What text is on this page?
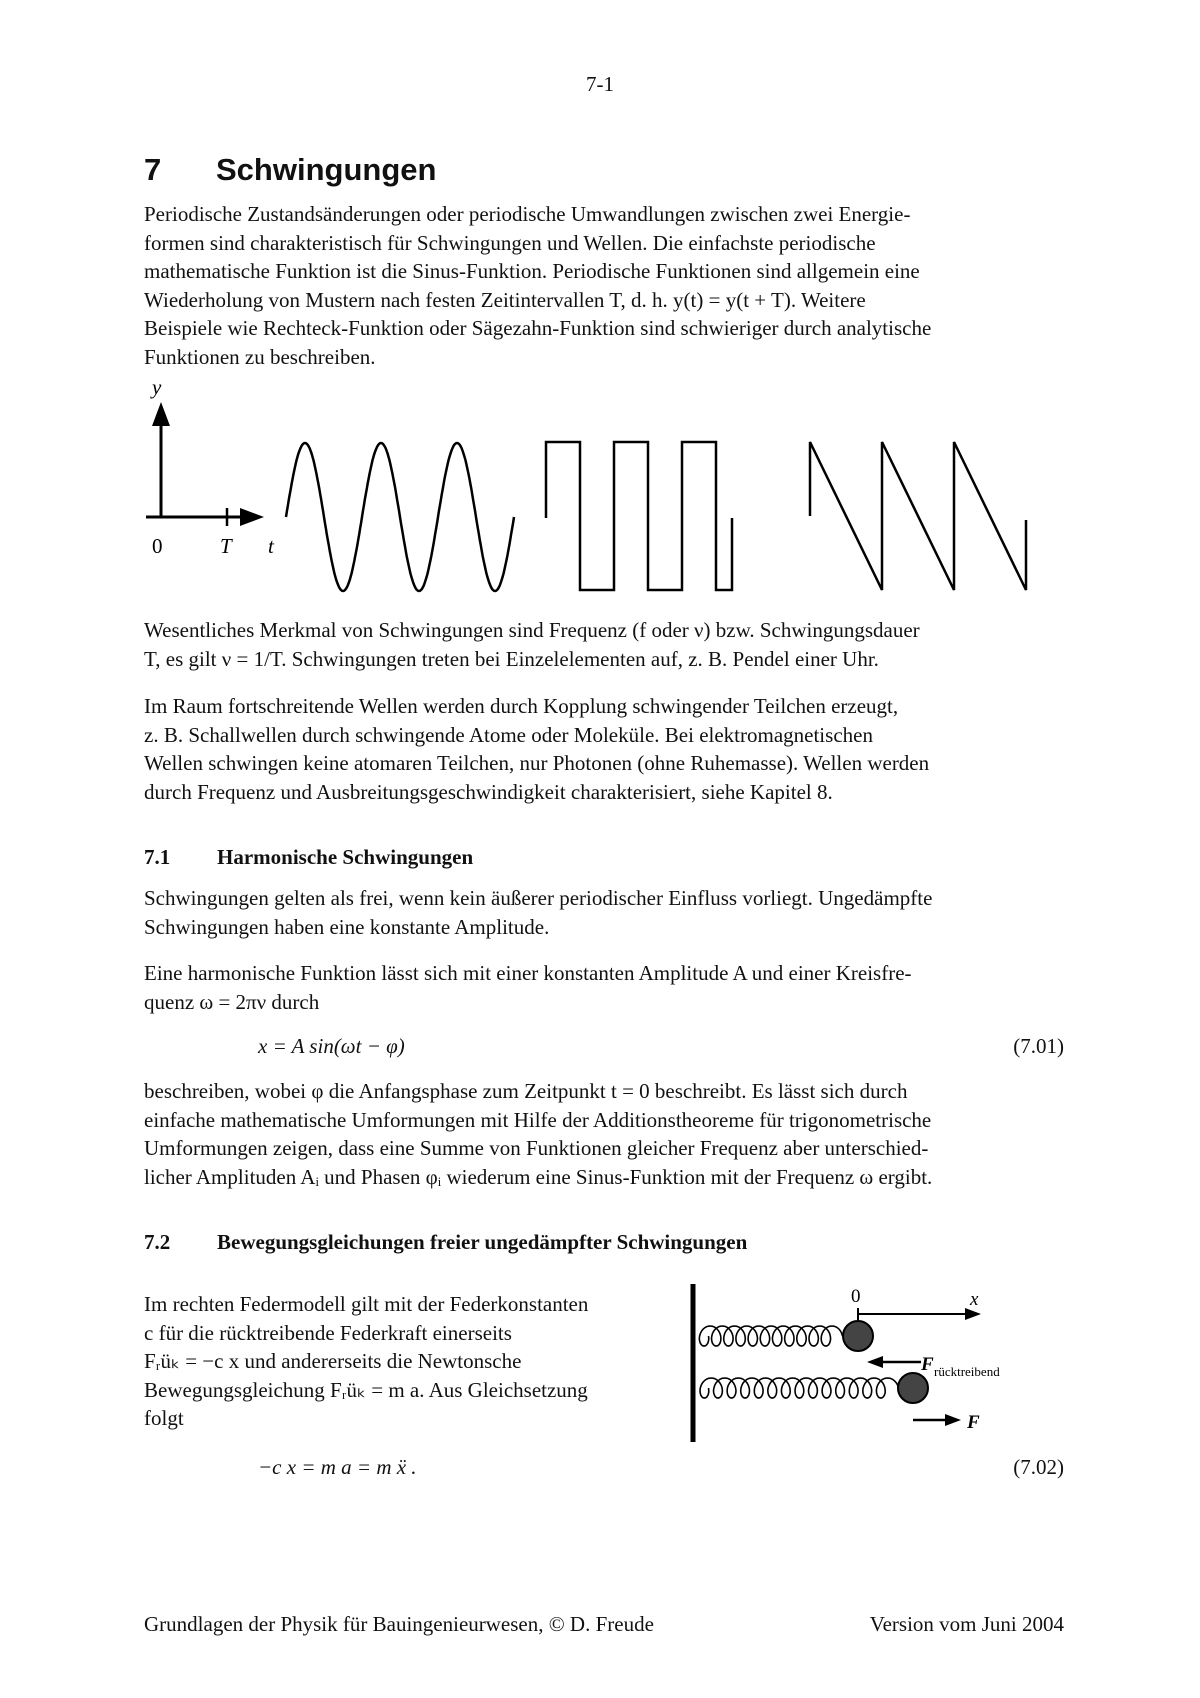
7-1
7 Schwingungen

Periodische Zustandsänderungen oder periodische Umwandlungen zwischen zwei Energie-

formen sind charakteristisch für Schwingungen und Wellen. Die einfachste periodische

mathematische Funktion ist die Sinus-Funktion. Periodische Funktionen sind allgemein eine

Wiederholung von Mustern nach festen Zeitintervallen T, d. h. y(t) = y(t + T). Weitere

Beispiele wie Rechteck-Funktion oder Sägezahn-Funktion sind schwieriger durch analytische

Funktionen zu beschreiben.

y
0	T t

Wesentliches Merkmal von Schwingungen sind Frequenz (f oder ν) bzw. Schwingungsdauer

T, es gilt ν = 1/T. Schwingungen treten bei Einzelelementen auf, z. B. Pendel einer Uhr.

Im Raum fortschreitende Wellen werden durch Kopplung schwingender Teilchen erzeugt,

z. B. Schallwellen durch schwingende Atome oder Moleküle. Bei elektromagnetischen

Wellen schwingen keine atomaren Teilchen, nur Photonen (ohne Ruhemasse). Wellen werden

durch Frequenz und Ausbreitungsgeschwindigkeit charakterisiert, siehe Kapitel 8.

7.1 Harmonische Schwingungen

Schwingungen gelten als frei, wenn kein äußerer periodischer Einfluss vorliegt. Ungedämpfte

Schwingungen haben eine konstante Amplitude.

Eine harmonische Funktion lässt sich mit einer konstanten Amplitude A und einer Kreisfre-

quenz ω = 2πν durch

x = A sin(ωt − φ)	(7.01)

beschreiben, wobei φ die Anfangsphase zum Zeitpunkt t = 0 beschreibt. Es lässt sich durch

einfache mathematische Umformungen mit Hilfe der Additionstheoreme für trigonometrische

Umformungen zeigen, dass eine Summe von Funktionen gleicher Frequenz aber unterschied-

licher Amplituden Aᵢ und Phasen φᵢ wiederum eine Sinus-Funktion mit der Frequenz ω ergibt.

7.2 Bewegungsgleichungen freier ungedämpfter Schwingungen

Im rechten Federmodell gilt mit der Federkonstanten

c für die rücktreibende Federkraft einerseits

Fᵣüₖ = −c x und andererseits die Newtonsche

Bewegungsgleichung Fᵣüₖ = m a. Aus Gleichsetzung

folgt

0	x
F rücktreibend
F
−c x = m a = m ẍ .	(7.02)
Grundlagen der Physik für Bauingenieurwesen, © D. Freude	Version vom Juni 2004
